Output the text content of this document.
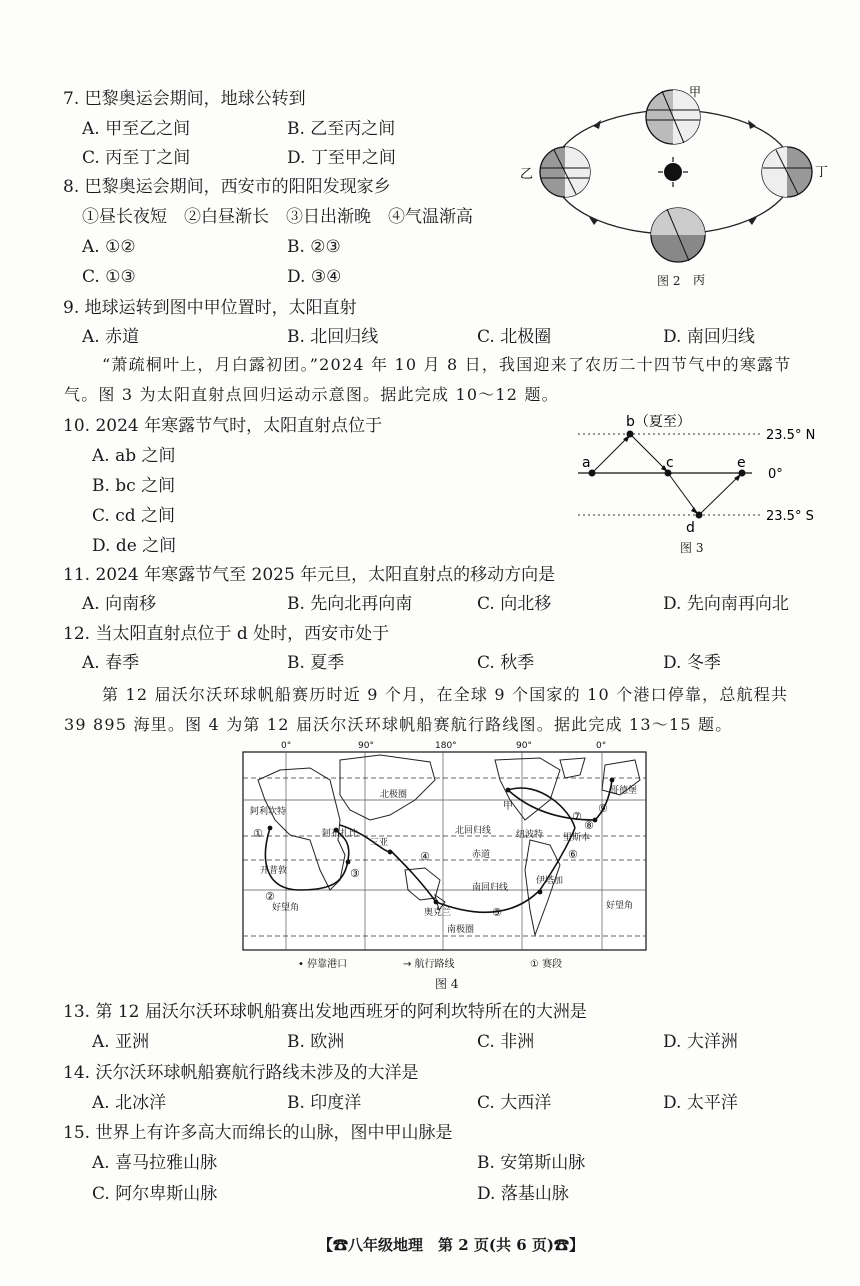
7. 巴黎奥运会期间，地球公转到
A. 甲至乙之间	B. 乙至丙之间
C. 丙至丁之间	D. 丁至甲之间
8. 巴黎奥运会期间，西安市的阳阳发现家乡
①昼长夜短　②白昼渐长　③日出渐晚　④气温渐高
A. ①②	B. ②③
C. ①③	D. ③④
甲
乙
丙
丁
图 2
9. 地球运转到图中甲位置时，太阳直射
A. 赤道	B. 北回归线	C. 北极圈	D. 南回归线

“萧疏桐叶上，月白露初团。”2024 年 10 月 8 日，我国迎来了农历二十四节气中的寒露节

气。图 3 为太阳直射点回归运动示意图。据此完成 10～12 题。

10. 2024 年寒露节气时，太阳直射点位于
A. ab 之间
B. bc 之间
C. cd 之间
D. de 之间
a
b（夏至）
c
d
e
23.5° N
0°
23.5° S
图 3
11. 2024 年寒露节气至 2025 年元旦，太阳直射点的移动方向是
A. 向南移	B. 先向北再向南	C. 向北移	D. 先向南再向北
12. 当太阳直射点位于 d 处时，西安市处于
A. 春季	B. 夏季	C. 秋季	D. 冬季

第 12 届沃尔沃环球帆船赛历时近 9 个月，在全球 9 个国家的 10 个港口停靠，总航程共

39 895 海里。图 4 为第 12 届沃尔沃环球帆船赛航行路线图。据此完成 13～15 题。

0°	90°	180°	90°	0°
北极圈
北回归线
赤道
南回归线
南极圈
阿利坎特
阿布扎比
三亚
开普敦
奥克兰
伊塔加
纽波特 里斯本
哥德堡
好望角	好望角
甲
①
②
③
④
⑤
⑥
⑦
⑧
⑨
• 停靠港口	→ 航行路线	① 赛段
图 4
13. 第 12 届沃尔沃环球帆船赛出发地西班牙的阿利坎特所在的大洲是
A. 亚洲	B. 欧洲	C. 非洲	D. 大洋洲
14. 沃尔沃环球帆船赛航行路线未涉及的大洋是
A. 北冰洋	B. 印度洋	C. 大西洋	D. 太平洋
15. 世界上有许多高大而绵长的山脉，图中甲山脉是
A. 喜马拉雅山脉	B. 安第斯山脉
C. 阿尔卑斯山脉	D. 落基山脉
【☎八年级地理　第 2 页(共 6 页)☎】
